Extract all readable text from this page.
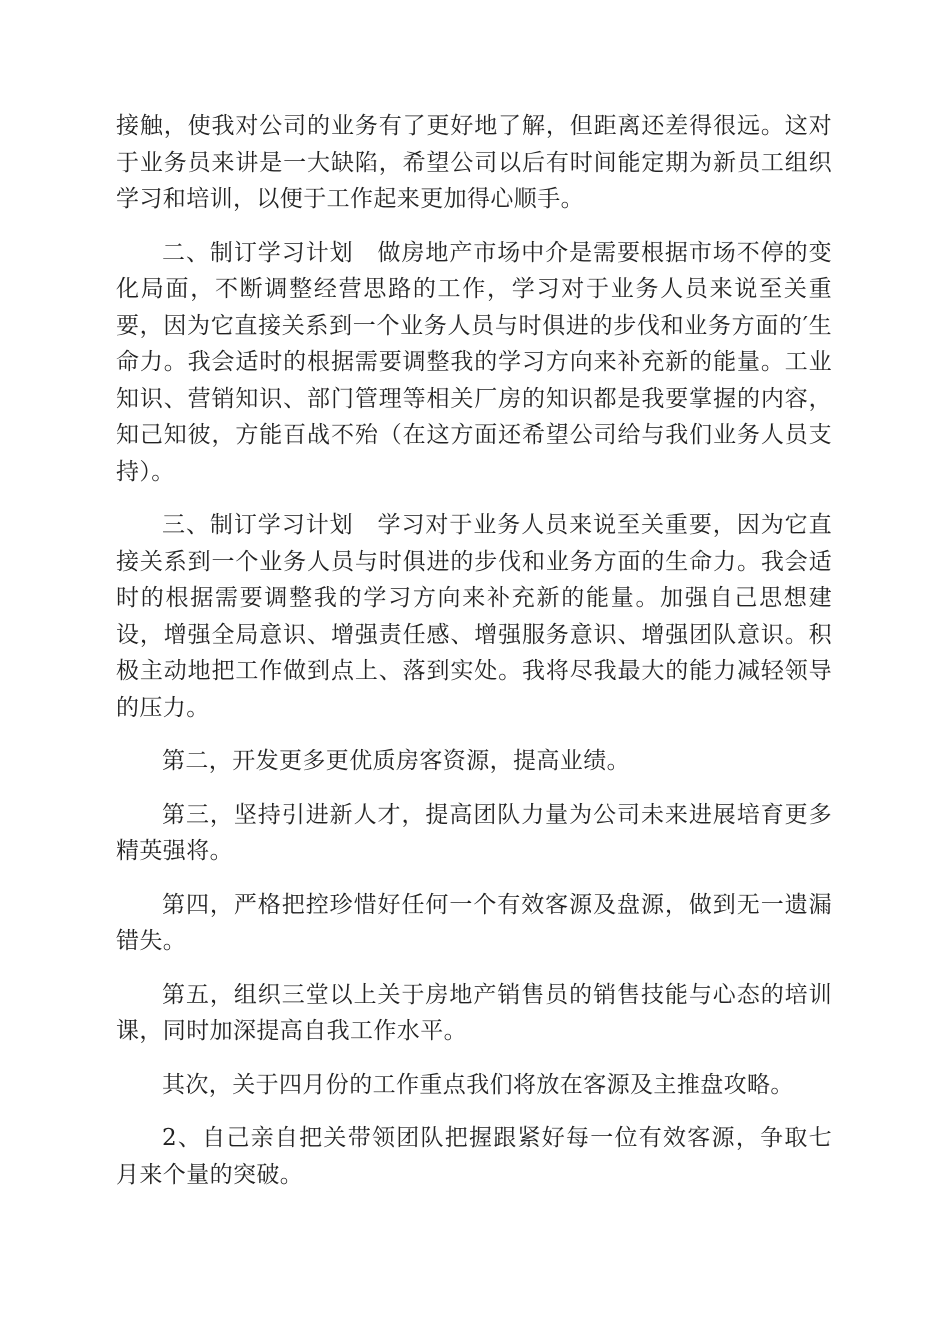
接触，使我对公司的业务有了更好地了解，但距离还差得很远。这对于业务员来讲是一大缺陷，希望公司以后有时间能定期为新员工组织学习和培训，以便于工作起来更加得心顺手。

二、制订学习计划　做房地产市场中介是需要根据市场不停的变化局面，不断调整经营思路的工作，学习对于业务人员来说至关重要，因为它直接关系到一个业务人员与时俱进的步伐和业务方面的′生命力。我会适时的根据需要调整我的学习方向来补充新的能量。工业知识、营销知识、部门管理等相关厂房的知识都是我要掌握的内容，知己知彼，方能百战不殆（在这方面还希望公司给与我们业务人员支持）。

三、制订学习计划　学习对于业务人员来说至关重要，因为它直接关系到一个业务人员与时俱进的步伐和业务方面的生命力。我会适时的根据需要调整我的学习方向来补充新的能量。加强自己思想建设，增强全局意识、增强责任感、增强服务意识、增强团队意识。积极主动地把工作做到点上、落到实处。我将尽我最大的能力减轻领导的压力。

第二，开发更多更优质房客资源，提高业绩。

第三，坚持引进新人才，提高团队力量为公司未来进展培育更多精英强将。

第四，严格把控珍惜好任何一个有效客源及盘源，做到无一遗漏错失。

第五，组织三堂以上关于房地产销售员的销售技能与心态的培训课，同时加深提高自我工作水平。

其次，关于四月份的工作重点我们将放在客源及主推盘攻略。

2、自己亲自把关带领团队把握跟紧好每一位有效客源，争取七月来个量的突破。
